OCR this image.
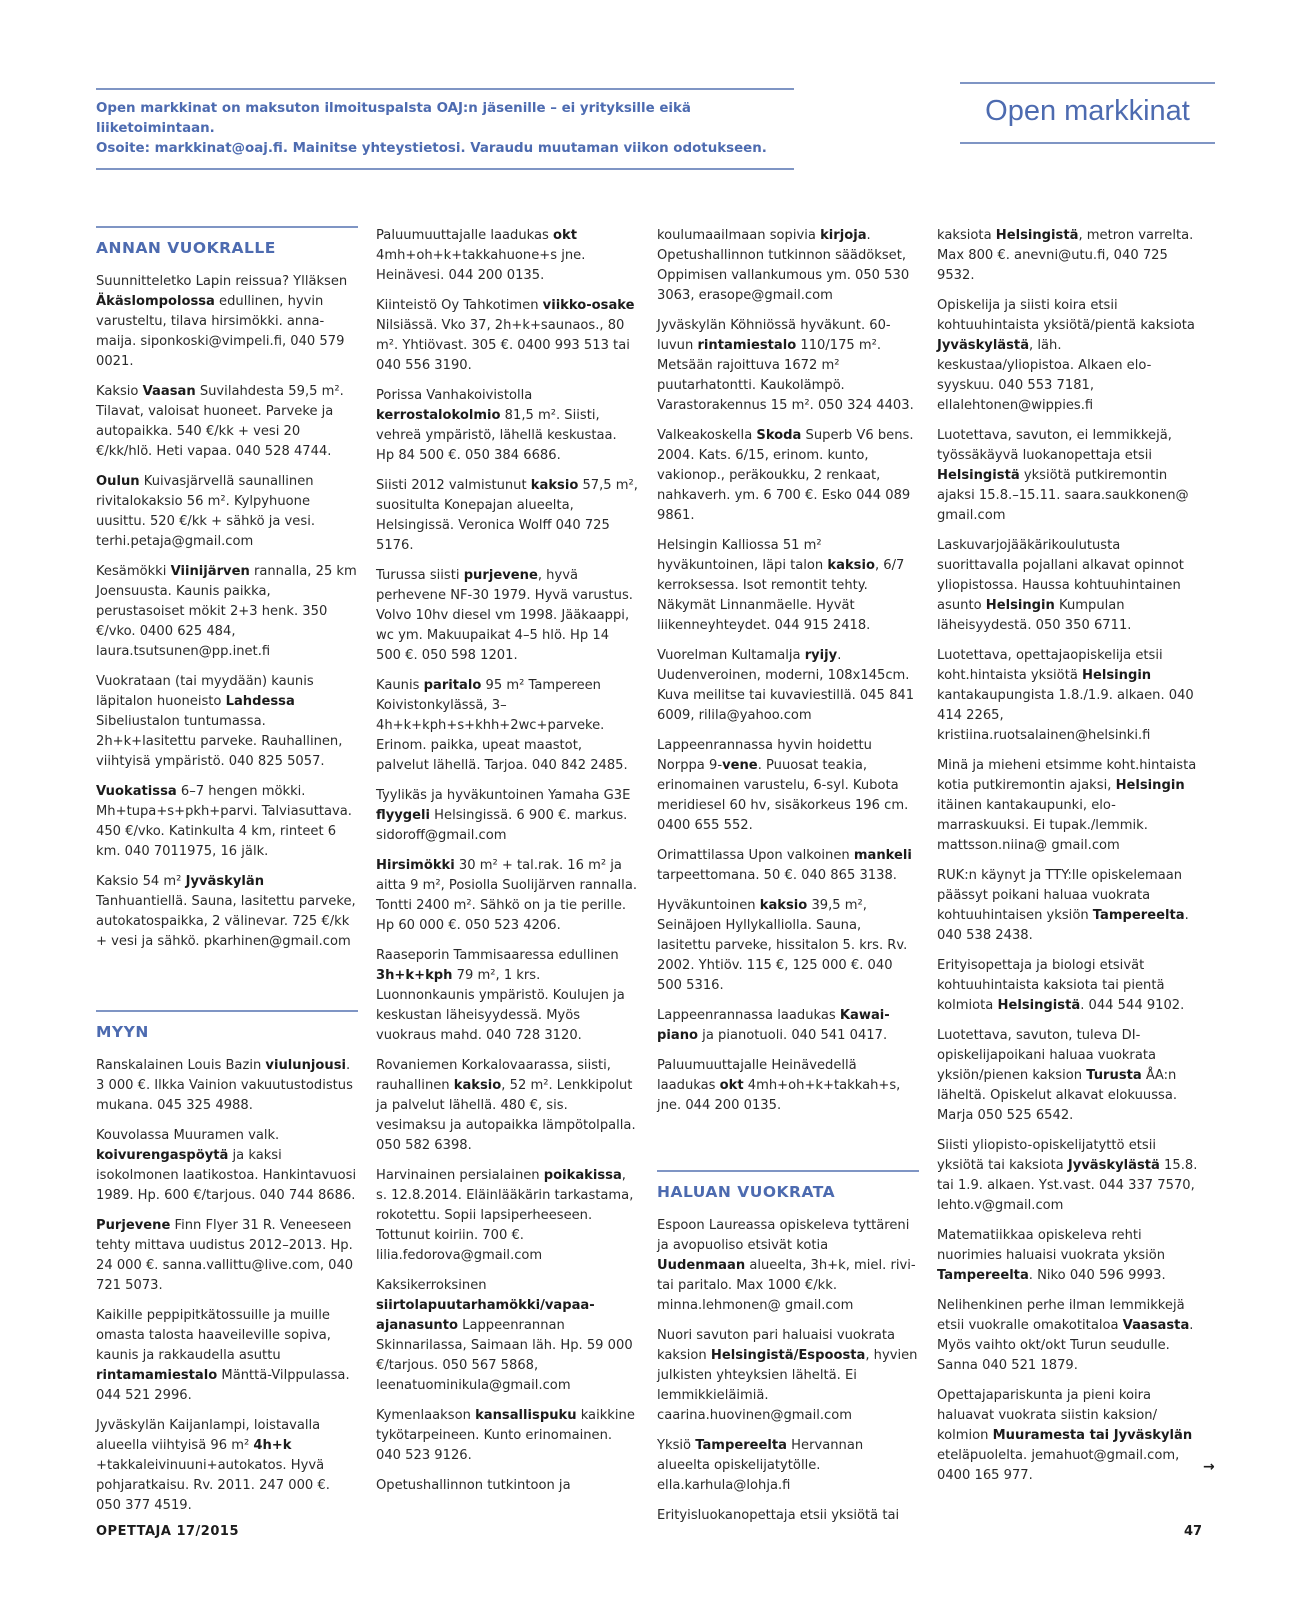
Open markkinat on maksuton ilmoituspalsta OAJ:n jäsenille – ei yrityksille eikä liiketoimintaan.
Osoite: markkinat@oaj.fi. Mainitse yhteystietosi. Varaudu muutaman viikon odotukseen.
Open markkinat
ANNAN VUOKRALLE
Suunnitteletko Lapin reissua? Ylläksen Äkäslompolossa edullinen, hyvin varusteltu, tilava hirsimökki. anna-maija. siponkoski@vimpeli.fi, 040 579 0021.
Kaksio Vaasan Suvilahdesta 59,5 m². Tilavat, valoisat huoneet. Parveke ja autopaikka. 540 €/kk + vesi 20 €/kk/hlö. Heti vapaa. 040 528 4744.
Oulun Kuivasjärvellä saunallinen rivitalokaksio 56 m². Kylpyhuone uusittu. 520 €/kk + sähkö ja vesi. terhi.petaja@gmail.com
Kesämökki Viinijärven rannalla, 25 km Joensuusta. Kaunis paikka, perustasoiset mökit 2+3 henk. 350 €/vko. 0400 625 484, laura.tsutsunen@pp.inet.fi
Vuokrataan (tai myydään) kaunis läpitalon huoneisto Lahdessa Sibeliustalon tuntumassa. 2h+k+lasitettu parveke. Rauhallinen, viihtyisä ympäristö. 040 825 5057.
Vuokatissa 6–7 hengen mökki. Mh+tupa+s+pkh+parvi. Talviasuttava. 450 €/vko. Katinkulta 4 km, rinteet 6 km. 040 7011975, 16 jälk.
Kaksio 54 m² Jyväskylän Tanhuantiellä. Sauna, lasitettu parveke, autokatospaikka, 2 välinevar. 725 €/kk + vesi ja sähkö. pkarhinen@gmail.com
MYYN
Ranskalainen Louis Bazin viulunjousi. 3 000 €. Ilkka Vainion vakuutustodistus mukana. 045 325 4988.
Kouvolassa Muuramen valk. koivurengaspöytä ja kaksi isokolmonen laatikostoa. Hankintavuosi 1989. Hp. 600 €/tarjous. 040 744 8686.
Purjevene Finn Flyer 31 R. Veneeseen tehty mittava uudistus 2012–2013. Hp. 24 000 €. sanna.vallittu@live.com, 040 721 5073.
Kaikille peppipitkätossuille ja muille omasta talosta haaveileville sopiva, kaunis ja rakkaudella asuttu rintamamiestalo Mänttä-Vilppulassa. 044 521 2996.
Jyväskylän Kaijanlampi, loistavalla alueella viihtyisä 96 m² 4h+k +takkaleivinuuni+autokatos. Hyvä pohjaratkaisu. Rv. 2011. 247 000 €. 050 377 4519.
Paluumuuttajalle laadukas okt 4mh+oh+k+takkahuone+s jne. Heinävesi. 044 200 0135.
Kiinteistö Oy Tahkotimen viikko-osake Nilsiässä. Vko 37, 2h+k+saunaos., 80 m². Yhtiövast. 305 €. 0400 993 513 tai 040 556 3190.
Porissa Vanhakoivistolla kerrostalokolmio 81,5 m². Siisti, vehreä ympäristö, lähellä keskustaa. Hp 84 500 €. 050 384 6686.
Siisti 2012 valmistunut kaksio 57,5 m², suositulta Konepajan alueelta, Helsingissä. Veronica Wolff 040 725 5176.
Turussa siisti purjevene, hyvä perhevene NF-30 1979. Hyvä varustus. Volvo 10hv diesel vm 1998. Jääkaappi, wc ym. Makuupaikat 4–5 hlö. Hp 14 500 €. 050 598 1201.
Kaunis paritalo 95 m² Tampereen Koivistonkylässä, 3–4h+k+kph+s+khh+2wc+parveke. Erinom. paikka, upeat maastot, palvelut lähellä. Tarjoa. 040 842 2485.
Tyylikäs ja hyväkuntoinen Yamaha G3E flyygeli Helsingissä. 6 900 €. markus. sidoroff@gmail.com
Hirsimökki 30 m² + tal.rak. 16 m² ja aitta 9 m², Posiolla Suolijärven rannalla. Tontti 2400 m². Sähkö on ja tie perille. Hp 60 000 €. 050 523 4206.
Raaseporin Tammisaaressa edullinen 3h+k+kph 79 m², 1 krs. Luonnonkaunis ympäristö. Koulujen ja keskustan läheisyydessä. Myös vuokraus mahd. 040 728 3120.
Rovaniemen Korkalovaarassa, siisti, rauhallinen kaksio, 52 m². Lenkkipolut ja palvelut lähellä. 480 €, sis. vesimaksu ja autopaikka lämpötolpalla. 050 582 6398.
Harvinainen persialainen poikakissa, s. 12.8.2014. Eläinlääkärin tarkastama, rokotettu. Sopii lapsiperheeseen. Tottunut koiriin. 700 €. lilia.fedorova@gmail.com
Kaksikerroksinen siirtolapuutarhamökki/vapaa-ajanasunto Lappeenrannan Skinnarilassa, Saimaan läh. Hp. 59 000 €/tarjous. 050 567 5868, leenatuominikula@gmail.com
Kymenlaakson kansallispuku kaikkine tykötarpeineen. Kunto erinomainen. 040 523 9126.
Opetushallinnon tutkintoon ja
koulumaailmaan sopivia kirjoja. Opetushallinnon tutkinnon säädökset, Oppimisen vallankumous ym. 050 530 3063, erasope@gmail.com
Jyväskylän Köhniössä hyväkunt. 60-luvun rintamiestalo 110/175 m². Metsään rajoittuva 1672 m² puutarhatontti. Kaukolämpö. Varastorakennus 15 m². 050 324 4403.
Valkeakoskella Skoda Superb V6 bens. 2004. Kats. 6/15, erinom. kunto, vakionop., peräkoukku, 2 renkaat, nahkaverh. ym. 6 700 €. Esko 044 089 9861.
Helsingin Kalliossa 51 m² hyväkuntoinen, läpi talon kaksio, 6/7 kerroksessa. Isot remontit tehty. Näkymät Linnanmäelle. Hyvät liikenneyhteydet. 044 915 2418.
Vuorelman Kultamalja ryijy. Uudenveroinen, moderni, 108x145cm. Kuva meilitse tai kuvaviestillä. 045 841 6009, rilila@yahoo.com
Lappeenrannassa hyvin hoidettu Norppa 9-vene. Puuosat teakia, erinomainen varustelu, 6-syl. Kubota meridiesel 60 hv, sisäkorkeus 196 cm. 0400 655 552.
Orimattilassa Upon valkoinen mankeli tarpeettomana. 50 €. 040 865 3138.
Hyväkuntoinen kaksio 39,5 m², Seinäjoen Hyllykalliolla. Sauna, lasitettu parveke, hissitalon 5. krs. Rv. 2002. Yhtiöv. 115 €, 125 000 €. 040 500 5316.
Lappeenrannassa laadukas Kawai-piano ja pianotuoli. 040 541 0417.
Paluumuuttajalle Heinävedellä laadukas okt 4mh+oh+k+takkah+s, jne. 044 200 0135.
HALUAN VUOKRATA
Espoon Laureassa opiskeleva tyttäreni ja avopuoliso etsivät kotia Uudenmaan alueelta, 3h+k, miel. rivi- tai paritalo. Max 1000 €/kk. minna.lehmonen@ gmail.com
Nuori savuton pari haluaisi vuokrata kaksion Helsingistä/Espoosta, hyvien julkisten yhteyksien läheltä. Ei lemmikkieläimiä. caarina.huovinen@gmail.com
Yksiö Tampereelta Hervannan alueelta opiskelijatytölle. ella.karhula@lohja.fi
Erityisluokanopettaja etsii yksiötä tai
kaksiota Helsingistä, metron varrelta. Max 800 €. anevni@utu.fi, 040 725 9532.
Opiskelija ja siisti koira etsii kohtuuhintaista yksiötä/pientä kaksiota Jyväskylästä, läh. keskustaa/yliopistoa. Alkaen elo-syyskuu. 040 553 7181, ellalehtonen@wippies.fi
Luotettava, savuton, ei lemmikkejä, työssäkäyvä luokanopettaja etsii Helsingistä yksiötä putkiremontin ajaksi 15.8.–15.11. saara.saukkonen@ gmail.com
Laskuvarjojääkärikoulutusta suorittavalla pojallani alkavat opinnot yliopistossa. Haussa kohtuuhintainen asunto Helsingin Kumpulan läheisyydestä. 050 350 6711.
Luotettava, opettajaopiskelija etsii koht.hintaista yksiötä Helsingin kantakaupungista 1.8./1.9. alkaen. 040 414 2265, kristiina.ruotsalainen@helsinki.fi
Minä ja mieheni etsimme koht.hintaista kotia putkiremontin ajaksi, Helsingin itäinen kantakaupunki, elo-marraskuuksi. Ei tupak./lemmik. mattsson.niina@ gmail.com
RUK:n käynyt ja TTY:lle opiskelemaan päässyt poikani haluaa vuokrata kohtuuhintaisen yksiön Tampereelta. 040 538 2438.
Erityisopettaja ja biologi etsivät kohtuuhintaista kaksiota tai pientä kolmiota Helsingistä. 044 544 9102.
Luotettava, savuton, tuleva DI-opiskelijapoikani haluaa vuokrata yksiön/pienen kaksion Turusta ÅA:n läheltä. Opiskelut alkavat elokuussa. Marja 050 525 6542.
Siisti yliopisto-opiskelijatyttö etsii yksiötä tai kaksiota Jyväskylästä 15.8. tai 1.9. alkaen. Yst.vast. 044 337 7570, lehto.v@gmail.com
Matematiikkaa opiskeleva rehti nuorimies haluaisi vuokrata yksiön Tampereelta. Niko 040 596 9993.
Nelihenkinen perhe ilman lemmikkejä etsii vuokralle omakotitaloa Vaasasta. Myös vaihto okt/okt Turun seudulle. Sanna 040 521 1879.
Opettajapariskunta ja pieni koira haluavat vuokrata siistin kaksion/ kolmion Muuramesta tai Jyväskylän eteläpuolelta. jemahuot@gmail.com, 0400 165 977.
→
OPETTAJA 17/2015	47
